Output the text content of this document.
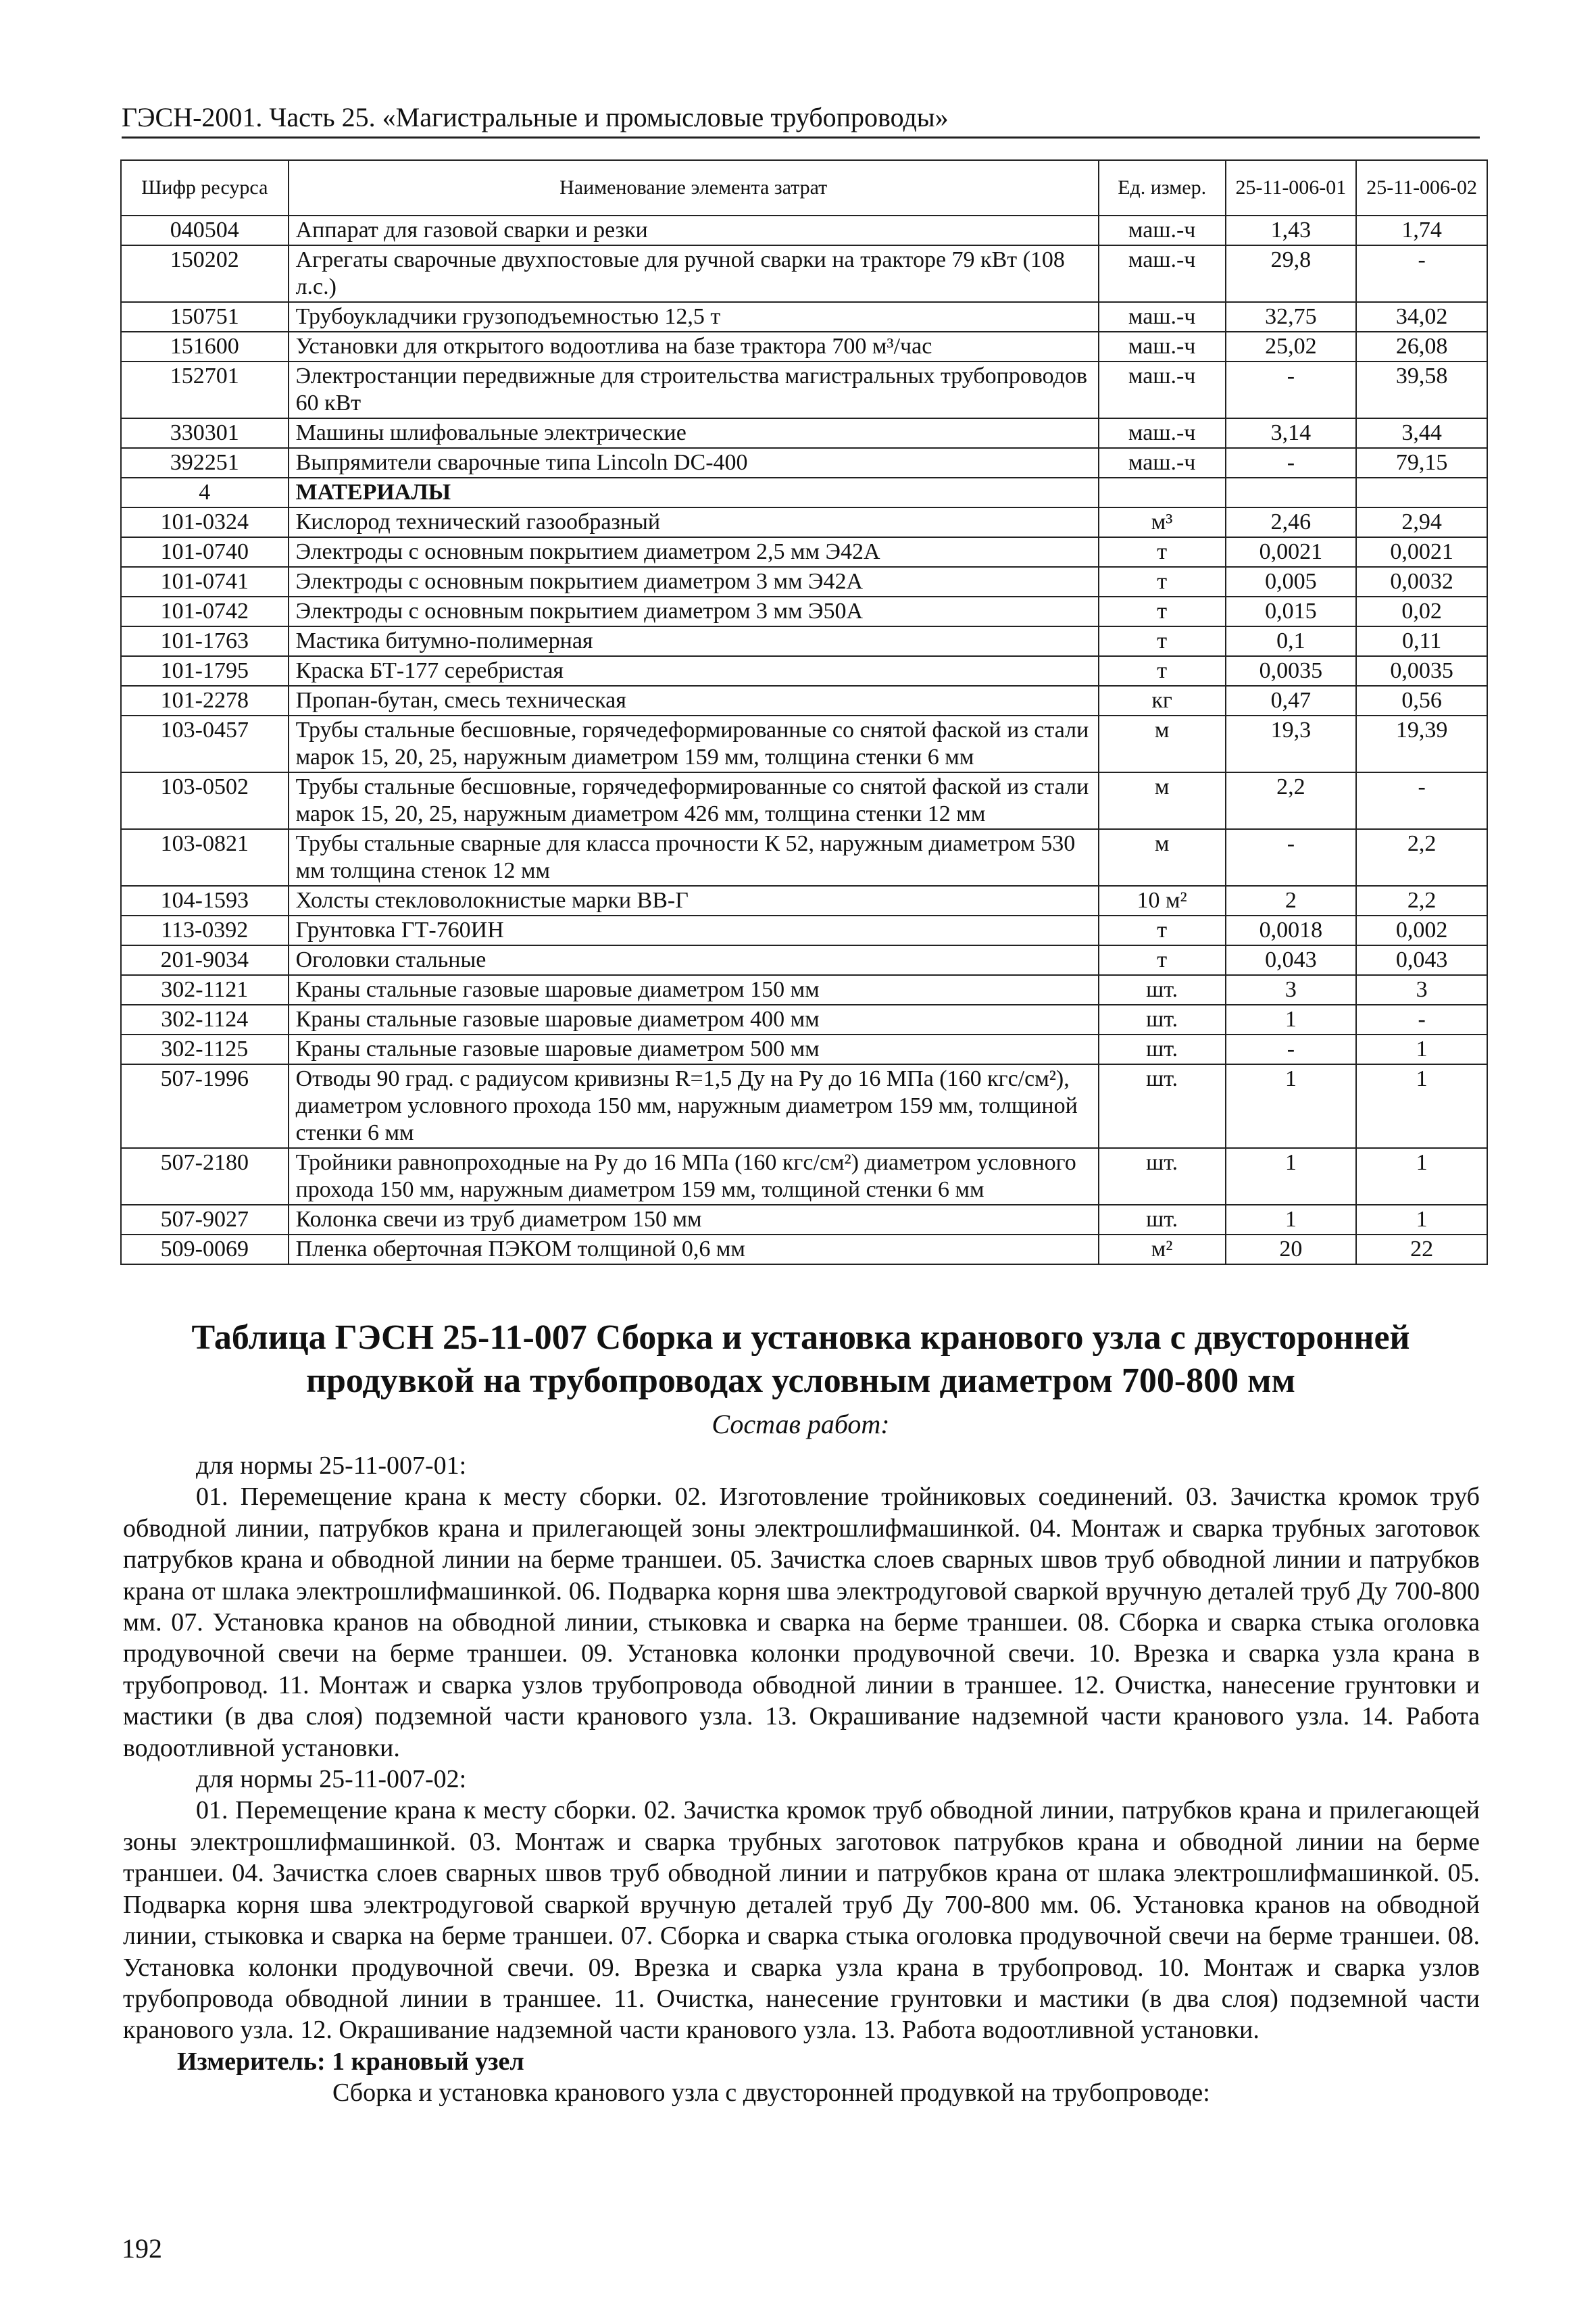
ГЭСН-2001. Часть 25. «Магистральные и промысловые трубопроводы»
Шифр ресурса	Наименование элемента затрат	Ед. измер.	25-11-006-01	25-11-006-02
040504	Аппарат для газовой сварки и резки	маш.-ч	1,43	1,74
150202	Агрегаты сварочные двухпостовые для ручной сварки на тракторе 79 кВт (108 л.с.)	маш.-ч	29,8	-
150751	Трубоукладчики грузоподъемностью 12,5 т	маш.-ч	32,75	34,02
151600	Установки для открытого водоотлива на базе трактора 700 м³/час	маш.-ч	25,02	26,08
152701	Электростанции передвижные для строительства магистральных трубопроводов 60 кВт	маш.-ч	-	39,58
330301	Машины шлифовальные электрические	маш.-ч	3,14	3,44
392251	Выпрямители сварочные типа Lincoln DC-400	маш.-ч	-	79,15
4	МАТЕРИАЛЫ			
101-0324	Кислород технический газообразный	м³	2,46	2,94
101-0740	Электроды с основным покрытием диаметром 2,5 мм Э42А	т	0,0021	0,0021
101-0741	Электроды с основным покрытием диаметром 3 мм Э42А	т	0,005	0,0032
101-0742	Электроды с основным покрытием диаметром 3 мм Э50А	т	0,015	0,02
101-1763	Мастика битумно-полимерная	т	0,1	0,11
101-1795	Краска БТ-177 серебристая	т	0,0035	0,0035
101-2278	Пропан-бутан, смесь техническая	кг	0,47	0,56
103-0457	Трубы стальные бесшовные, горячедеформированные со снятой фаской из стали марок 15, 20, 25, наружным диаметром 159 мм, толщина стенки 6 мм	м	19,3	19,39
103-0502	Трубы стальные бесшовные, горячедеформированные со снятой фаской из стали марок 15, 20, 25, наружным диаметром 426 мм, толщина стенки 12 мм	м	2,2	-
103-0821	Трубы стальные сварные для класса прочности К 52, наружным диаметром 530 мм толщина стенок 12 мм	м	-	2,2
104-1593	Холсты стекловолокнистые марки ВВ-Г	10 м²	2	2,2
113-0392	Грунтовка ГТ-760ИН	т	0,0018	0,002
201-9034	Оголовки стальные	т	0,043	0,043
302-1121	Краны стальные газовые шаровые диаметром 150 мм	шт.	3	3
302-1124	Краны стальные газовые шаровые диаметром 400 мм	шт.	1	-
302-1125	Краны стальные газовые шаровые диаметром 500 мм	шт.	-	1
507-1996	Отводы 90 град. с радиусом кривизны R=1,5 Ду на Ру до 16 МПа (160 кгс/см²), диаметром условного прохода 150 мм, наружным диаметром 159 мм, толщиной стенки 6 мм	шт.	1	1
507-2180	Тройники равнопроходные на Ру до 16 МПа (160 кгс/см²) диаметром условного прохода 150 мм, наружным диаметром 159 мм, толщиной стенки 6 мм	шт.	1	1
507-9027	Колонка свечи из труб диаметром 150 мм	шт.	1	1
509-0069	Пленка оберточная ПЭКОМ толщиной 0,6 мм	м²	20	22
Таблица ГЭСН 25-11-007 Сборка и установка кранового узла с двусторонней продувкой на трубопроводах условным диаметром 700-800 мм
Состав работ:

для нормы 25-11-007-01:

01. Перемещение крана к месту сборки. 02. Изготовление тройниковых соединений. 03. Зачистка кромок труб обводной линии, патрубков крана и прилегающей зоны электрошлифмашинкой. 04. Монтаж и сварка трубных заготовок патрубков крана и обводной линии на берме траншеи. 05. Зачистка слоев сварных швов труб обводной линии и патрубков крана от шлака электрошлифмашинкой. 06. Подварка корня шва электродуговой сваркой вручную деталей труб Ду 700-800 мм. 07. Установка кранов на обводной линии, стыковка и сварка на берме траншеи. 08. Сборка и сварка стыка оголовка продувочной свечи на берме траншеи. 09. Установка колонки продувочной свечи. 10. Врезка и сварка узла крана в трубопровод. 11. Монтаж и сварка узлов трубопровода обводной линии в траншее. 12. Очистка, нанесение грунтовки и мастики (в два слоя) подземной части кранового узла. 13. Окрашивание надземной части кранового узла. 14. Работа водоотливной установки.

для нормы 25-11-007-02:

01. Перемещение крана к месту сборки. 02. Зачистка кромок труб обводной линии, патрубков крана и прилегающей зоны электрошлифмашинкой. 03. Монтаж и сварка трубных заготовок патрубков крана и обводной линии на берме траншеи. 04. Зачистка слоев сварных швов труб обводной линии и патрубков крана от шлака электрошлифмашинкой. 05. Подварка корня шва электродуговой сваркой вручную деталей труб Ду 700-800 мм. 06. Установка кранов на обводной линии, стыковка и сварка на берме траншеи. 07. Сборка и сварка стыка оголовка продувочной свечи на берме траншеи. 08. Установка колонки продувочной свечи. 09. Врезка и сварка узла крана в трубопровод. 10. Монтаж и сварка узлов трубопровода обводной линии в траншее. 11. Очистка, нанесение грунтовки и мастики (в два слоя) подземной части кранового узла. 12. Окрашивание надземной части кранового узла. 13. Работа водоотливной установки.

Измеритель: 1 крановый узел

Сборка и установка кранового узла с двусторонней продувкой на трубопроводе:

192
